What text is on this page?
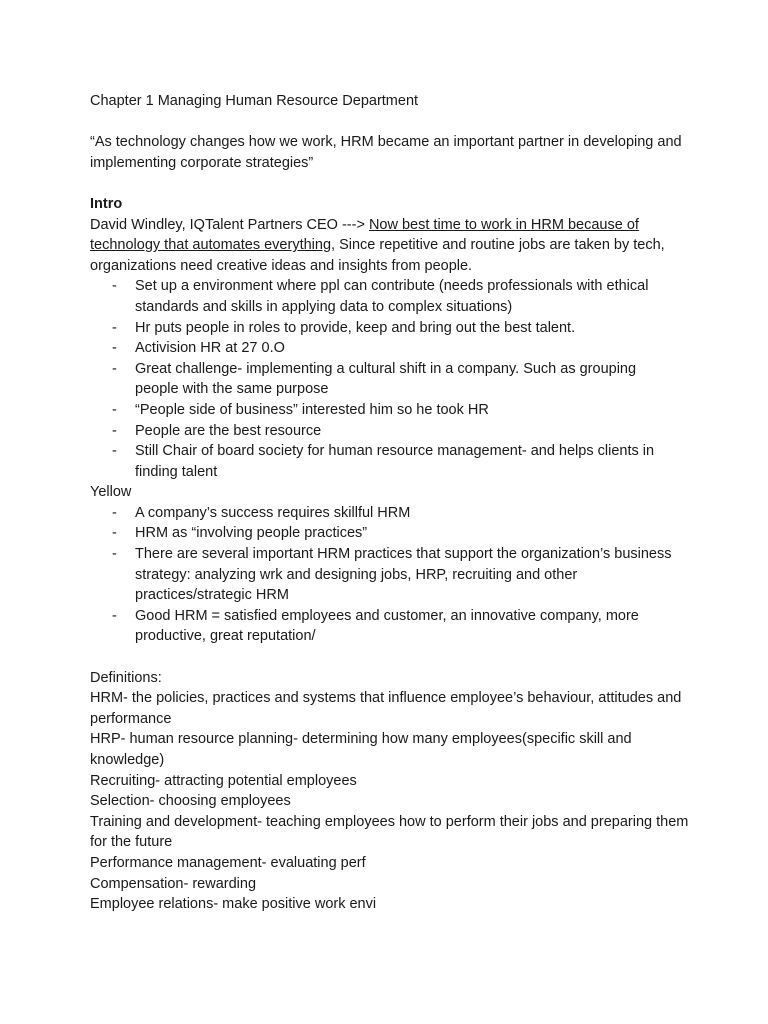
Chapter 1 Managing Human Resource Department

“As technology changes how we work, HRM became an important partner in developing and implementing corporate strategies”

Intro

David Windley, IQTalent Partners CEO ---> Now best time to work in HRM because of technology that automates everything, Since repetitive and routine jobs are taken by tech, organizations need creative ideas and insights from people.

- Set up a environment where ppl can contribute (needs professionals with ethical standards and skills in applying data to complex situations)
- Hr puts people in roles to provide, keep and bring out the best talent.
- Activision HR at 27 0.O
- Great challenge- implementing a cultural shift in a company. Such as grouping people with the same purpose
- “People side of business” interested him so he took HR
- People are the best resource
- Still Chair of board society for human resource management- and helps clients in finding talent

Yellow

- A company’s success requires skillful HRM
- HRM as “involving people practices”
- There are several important HRM practices that support the organization’s business strategy: analyzing wrk and designing jobs, HRP, recruiting and other practices/strategic HRM
- Good HRM = satisfied employees and customer, an innovative company, more productive, great reputation/

Definitions:

HRM- the policies, practices and systems that influence employee’s behaviour, attitudes and performance

HRP- human resource planning- determining how many employees(specific skill and knowledge)

Recruiting- attracting potential employees

Selection- choosing employees

Training and development- teaching employees how to perform their jobs and preparing them for the future

Performance management- evaluating perf

Compensation- rewarding

Employee relations- make positive work envi
